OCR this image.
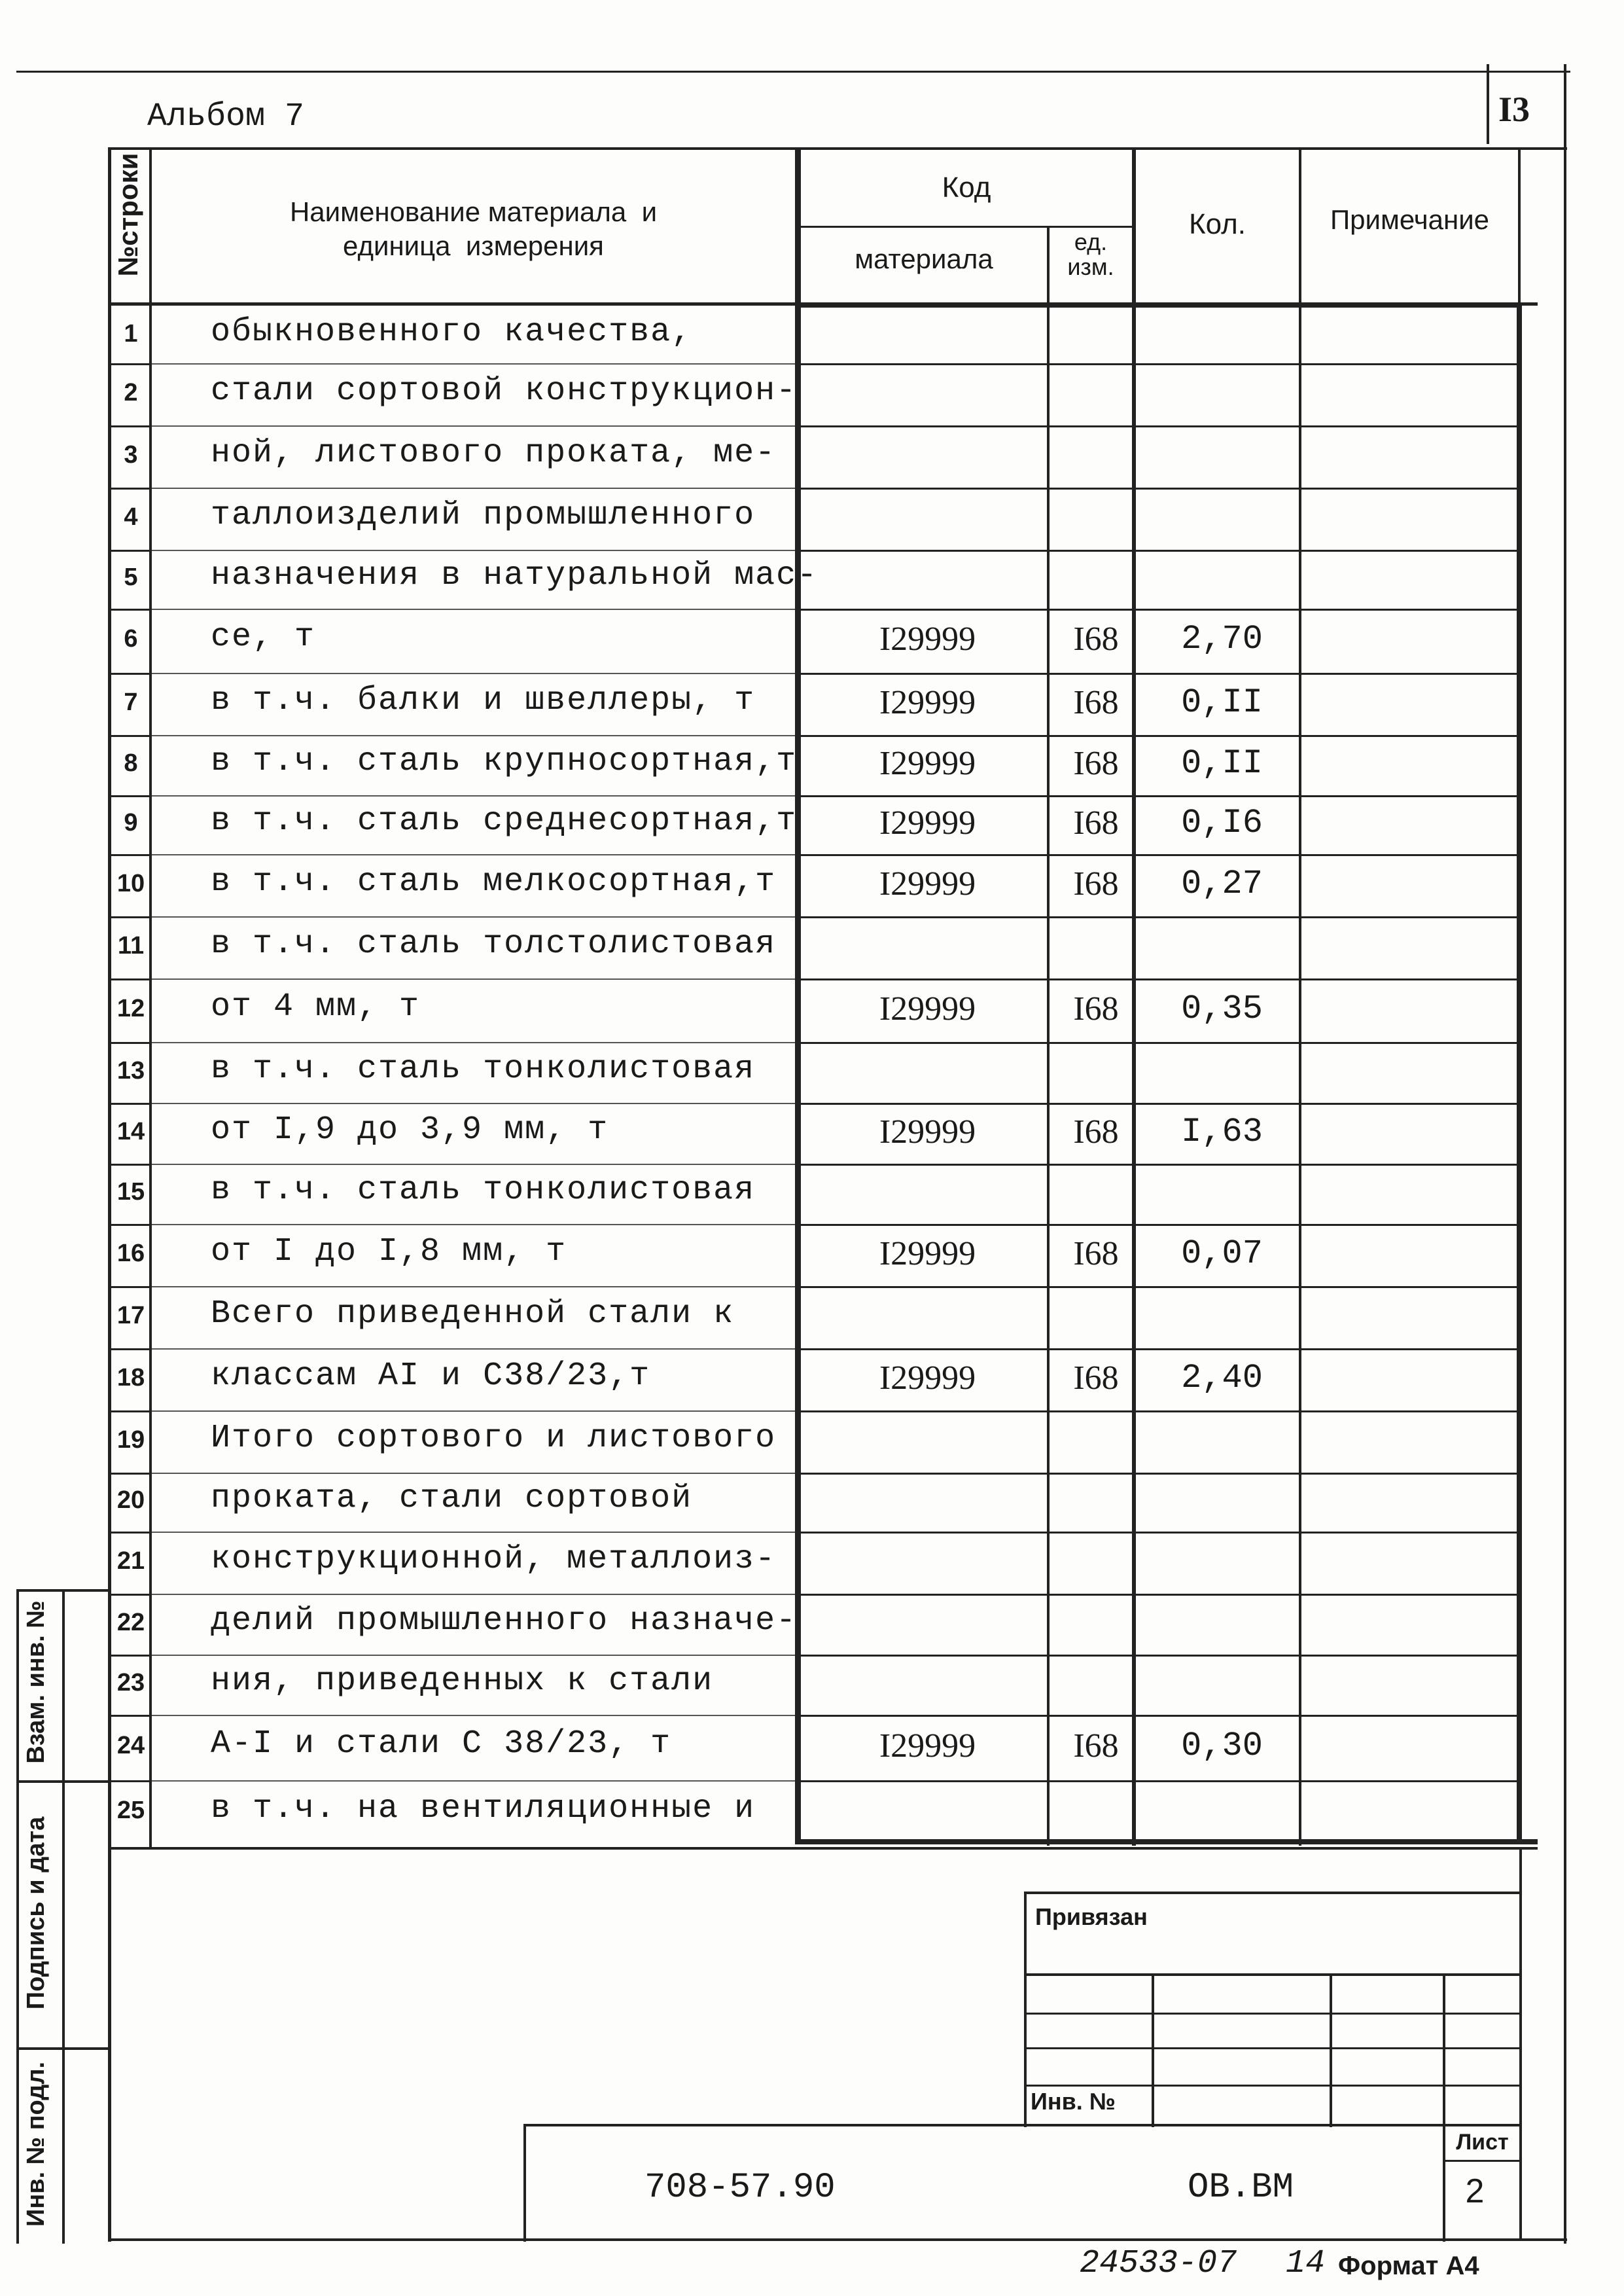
Альбом 7	I3
№строки	Наименование материала  и
единица  измерения
Код
материала
ед.
изм.
Кол.	Примечание
1	обыкновенного качества,
2	стали сортовой конструкцион-
3	ной, листового проката, ме-
4	таллоизделий промышленного
5	назначения в натуральной мас-
6	се, т	I29999	I68	2,70
7	в т.ч. балки и швеллеры, т	I29999	I68	0,II
8	в т.ч. сталь крупносортная,т	I29999	I68	0,II
9	в т.ч. сталь среднесортная,т	I29999	I68	0,I6
10 в т.ч. сталь мелкосортная,т	I29999	I68	0,27
11 в т.ч. сталь толстолистовая
12 от 4 мм, т	I29999	I68	0,35
13 в т.ч. сталь тонколистовая
14 от I,9 до 3,9 мм, т	I29999	I68	I,63
15 в т.ч. сталь тонколистовая
16 от I до I,8 мм, т	I29999	I68	0,07
17 Всего приведенной стали к
18 классам AI и С38/23,т	I29999	I68	2,40
19 Итого сортового и листового
20 проката, стали сортовой
21 конструкционной, металлоиз-
22 делий промышленного назначе-
23 ния, приведенных к стали
24 А-I и стали С 38/23, т	I29999	I68	0,30
25 в т.ч. на вентиляционные и
Взам. инв. №
Подпись и дата
Инв. № подл.
Привязан
Инв. №
708-57.90	ОВ.ВМ
Лист
2
24533-07 14 Формат А4
